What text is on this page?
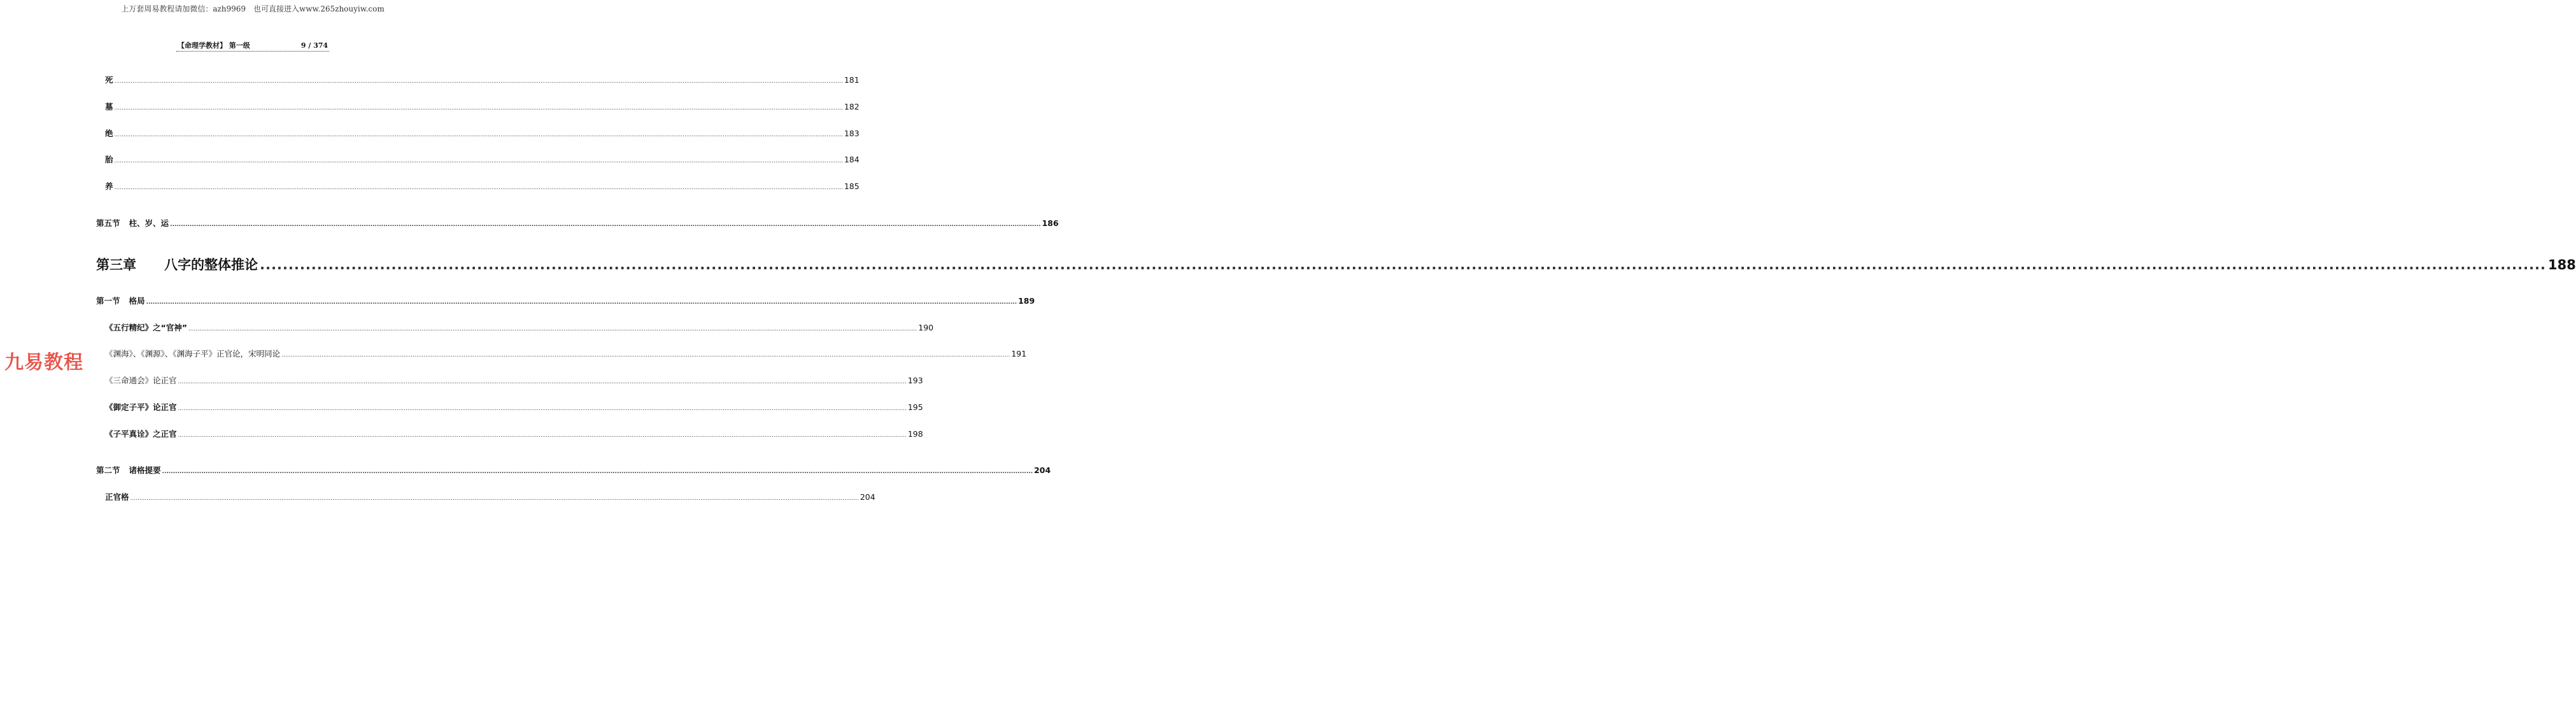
上万套周易教程请加微信：azh9969　也可直接进入www.265zhouyiw.com
【命理学教材】 第一级	9 / 374
死 ................................................................................................................................................................................................................................................................................................................................................................................................................ 181
墓 ................................................................................................................................................................................................................................................................................................................................................................................................................ 182
绝 ................................................................................................................................................................................................................................................................................................................................................................................................................ 183
胎 ................................................................................................................................................................................................................................................................................................................................................................................................................ 184
养 ................................................................................................................................................................................................................................................................................................................................................................................................................ 185
第五节 柱、岁、运 ................................................................................................................................................................................................................................................................................................................................................................................................................ 186
第三章 八字的整体推论 ................................................................................................................................................................................................................................................................................................................................................................................................................ 188
第一节 格局 ................................................................................................................................................................................................................................................................................................................................................................................................................ 189
《五行精纪》之“官神” ................................................................................................................................................................................................................................................................................................................................................................................................................ 190
《渊海》、《渊源》、《渊海子平》正官论，宋明同论 ................................................................................................................................................................................................................................................................................................................................................................................................................ 191
《三命通会》论正官 ................................................................................................................................................................................................................................................................................................................................................................................................................ 193
《御定子平》论正官 ................................................................................................................................................................................................................................................................................................................................................................................................................ 195
《子平真诠》之正官 ................................................................................................................................................................................................................................................................................................................................................................................................................ 198
第二节 诸格提要 ................................................................................................................................................................................................................................................................................................................................................................................................................ 204
正官格 ................................................................................................................................................................................................................................................................................................................................................................................................................ 204
九易教程
